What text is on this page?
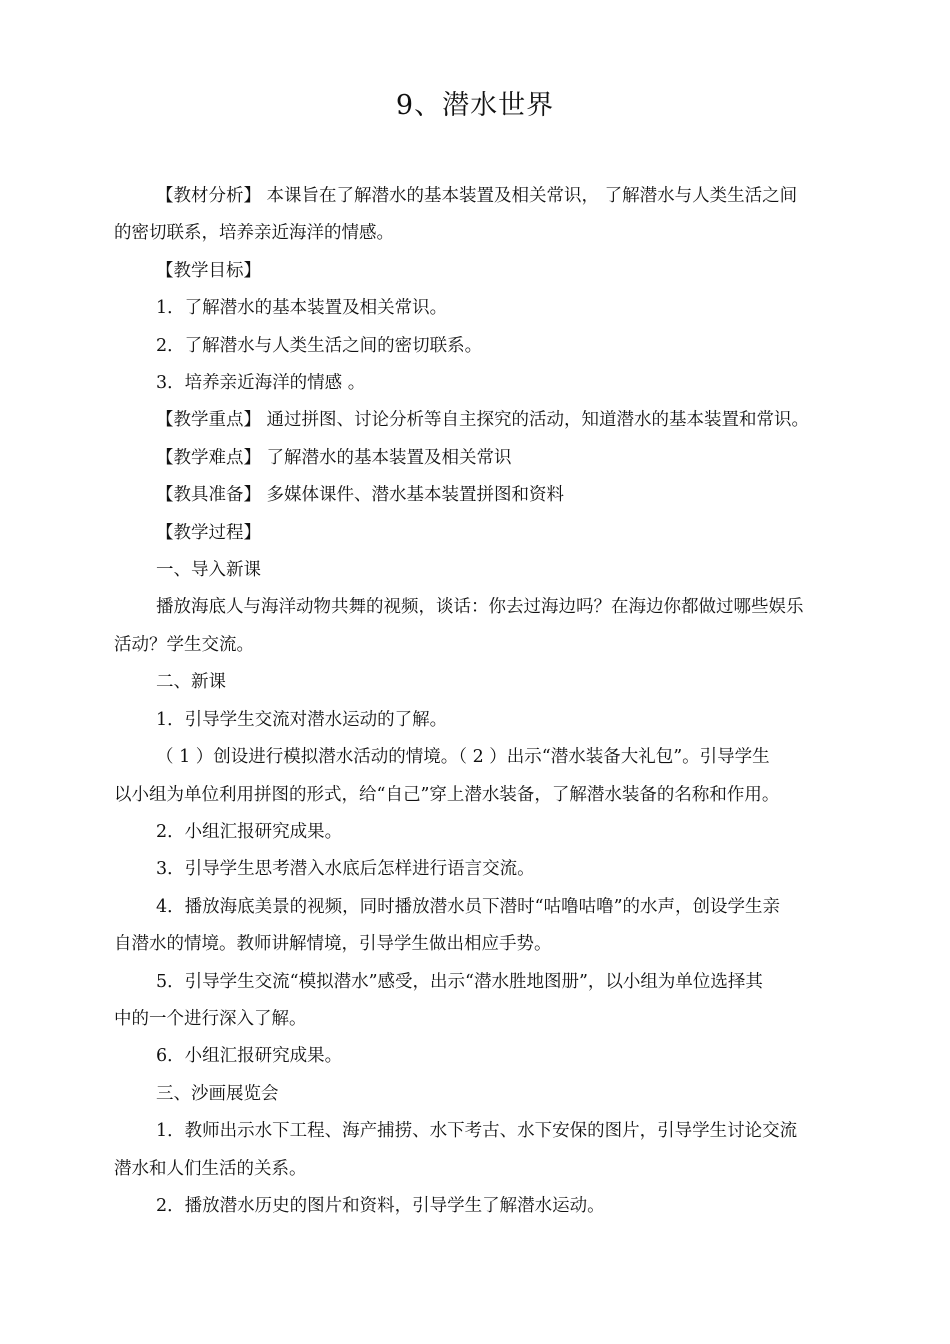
9、潜水世界

【教材分析】 本课旨在了解潜水的基本装置及相关常识， 了解潜水与人类生活之间
的密切联系，培养亲近海洋的情感。

【教学目标】

1．了解潜水的基本装置及相关常识。

2．了解潜水与人类生活之间的密切联系。

3．培养亲近海洋的情感 。

【教学重点】 通过拼图、讨论分析等自主探究的活动，知道潜水的基本装置和常识。

【教学难点】 了解潜水的基本装置及相关常识

【教具准备】 多媒体课件、潜水基本装置拼图和资料

【教学过程】

一、导入新课

播放海底人与海洋动物共舞的视频，谈话：你去过海边吗？在海边你都做过哪些娱乐
活动？学生交流。

二、新课

1．引导学生交流对潜水运动的了解。

（ 1 ）创设进行模拟潜水活动的情境。（ 2 ）出示“潜水装备大礼包”。引导学生
以小组为单位利用拼图的形式，给“自己”穿上潜水装备，了解潜水装备的名称和作用。

2．小组汇报研究成果。

3．引导学生思考潜入水底后怎样进行语言交流。

4．播放海底美景的视频，同时播放潜水员下潜时“咕噜咕噜”的水声，创设学生亲
自潜水的情境。教师讲解情境，引导学生做出相应手势。

5．引导学生交流“模拟潜水”感受，出示“潜水胜地图册”，以小组为单位选择其
中的一个进行深入了解。

6．小组汇报研究成果。

三、沙画展览会

1．教师出示水下工程、海产捕捞、水下考古、水下安保的图片，引导学生讨论交流
潜水和人们生活的关系。

2．播放潜水历史的图片和资料，引导学生了解潜水运动。
